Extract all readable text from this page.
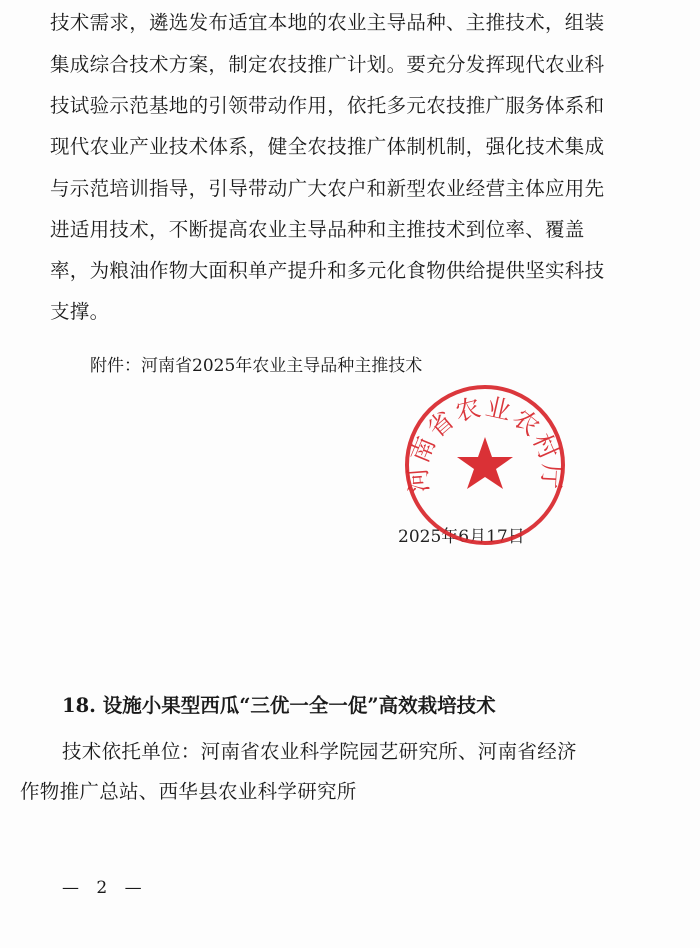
技术需求，遴选发布适宜本地的农业主导品种、主推技术，组装
集成综合技术方案，制定农技推广计划。要充分发挥现代农业科
技试验示范基地的引领带动作用，依托多元农技推广服务体系和
现代农业产业技术体系，健全农技推广体制机制，强化技术集成
与示范培训指导，引导带动广大农户和新型农业经营主体应用先
进适用技术，不断提高农业主导品种和主推技术到位率、覆盖
率，为粮油作物大面积单产提升和多元化食物供给提供坚实科技
支撑。
附件：河南省2025年农业主导品种主推技术
2025年6月17日
河南省农业农村厅
18. 设施小果型西瓜“三优一全一促”高效栽培技术
技术依托单位：河南省农业科学院园艺研究所、河南省经济
作物推广总站、西华县农业科学研究所
— 2 —
